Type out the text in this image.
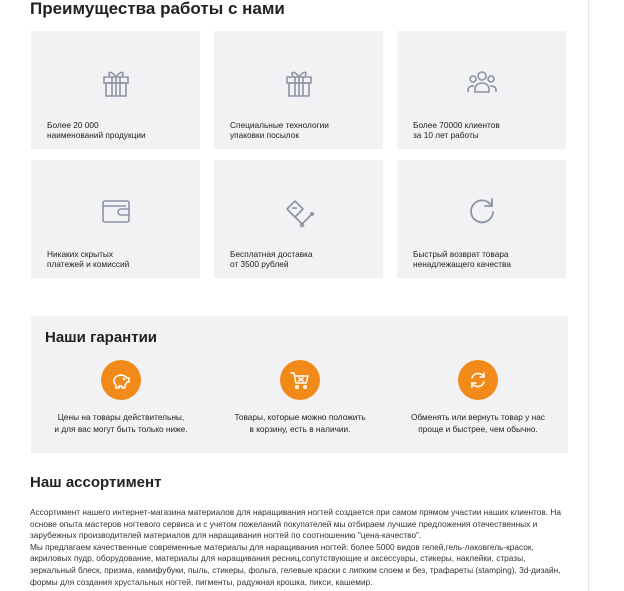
Преимущества работы с нами
Более 20 000
наименований продукции
Специальные технологии
упаковки посылок
Более 70000 клиентов
за 10 лет работы
Никаких скрытых
платежей и комиссий
Бесплатная доставка
от 3500 рублей
Быстрый возврат товара
ненадлежащего качества
Наши гарантии
Цены на товары действительны,
и для вас могут быть только ниже.
Товары, которые можно положить
в корзину, есть в наличии.
Обменять или вернуть товар у нас
проще и быстрее, чем обычно.
Наш ассортимент

Ассортимент нашего интернет-магазина материалов для наращивания ногтей создается при самом прямом участии наших клиентов. На основе опыта мастеров ногтевого сервиса и с учетом пожеланий покупателей мы отбираем лучшие предложения отечественных и зарубежных производителей материалов для наращивания ногтей по соотношению "цена-качество".

Мы предлагаем качественные современные материалы для наращивания ногтей: более 5000 видов гелей,гель-лаковгель-красок, акриловых пудр, оборудование, материалы для наращивания ресниц,сопутствующие и аксессуары, стикеры, наклейки, стразы, зеркальный блеск, призма, камифубуки, пыль, стикеры, фольга, гелевые краски с липким слоем и без, трафареты (stamping), 3d-дизайн, формы для создания хрустальных ногтей, пигменты, радужная крошка, пикси, кашемир.
